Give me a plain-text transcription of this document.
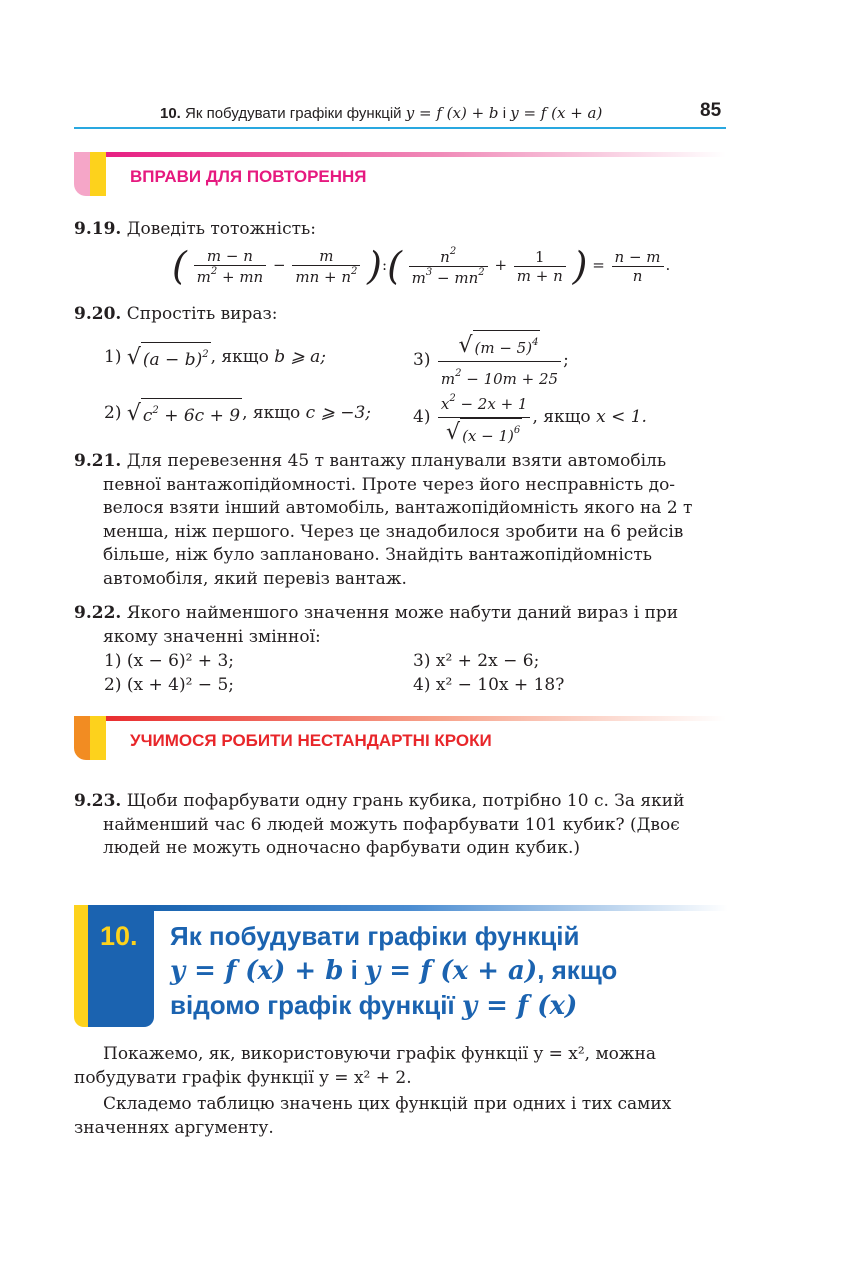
10. Як побудувати графіки функцій y = f (x) + b і y = f (x + a)	85
ВПРАВИ ДЛЯ ПОВТОРЕННЯ
9.19. Доведіть тотожність:
( $\frac{m - n}{m^2 + mn} - \frac{m}{mn + n^2}$ ):( $\frac{n^2}{m^3 - mn^2} + \frac{1}{m + n}$ ) = $\frac{n - m}{n}$ .
9.20. Спростіть вираз:
1) √ $(a - b)^2$ , якщо b ⩾ a;	$3) \frac{√ (m - 5)^4}{m^2 - 10m + 25}$ ;
2) √ $c^2 + 6c + 9$ , якщо c ⩾ −3; $4) \frac{x^2 - 2x + 1}{√ (x - 1)^6}$ , якщо x < 1.
9.21. Для перевезення 45 т вантажу планували взяти автомобіль
певної вантажопідйомності. Проте через його несправність до-
велося взяти інший автомобіль, вантажопідйомність якого на 2 т
менша, ніж першого. Через це знадобилося зробити на 6 рейсів
більше, ніж було заплановано. Знайдіть вантажопідйомність
автомобіля, який перевіз вантаж.
9.22. Якого найменшого значення може набути даний вираз і при
якому значенні змінної:
1) (x − 6)² + 3;
2) (x + 4)² − 5;
3) x² + 2x − 6;
4) x² − 10x + 18?
УЧИМОСЯ РОБИТИ НЕСТАНДАРТНІ КРОКИ
9.23. Щоби пофарбувати одну грань кубика, потрібно 10 с. За який
найменший час 6 людей можуть пофарбувати 101 кубик? (Двоє
людей не можуть одночасно фарбувати один кубик.)
10. Як побудувати графіки функцій
y = f (x) + b і y = f (x + a), якщо
відомо графік функції y = f (x)
Покажемо, як, використовуючи графік функції y = x², можна
побудувати графік функції y = x² + 2.
Складемо таблицю значень цих функцій при одних і тих самих
значеннях аргументу.
